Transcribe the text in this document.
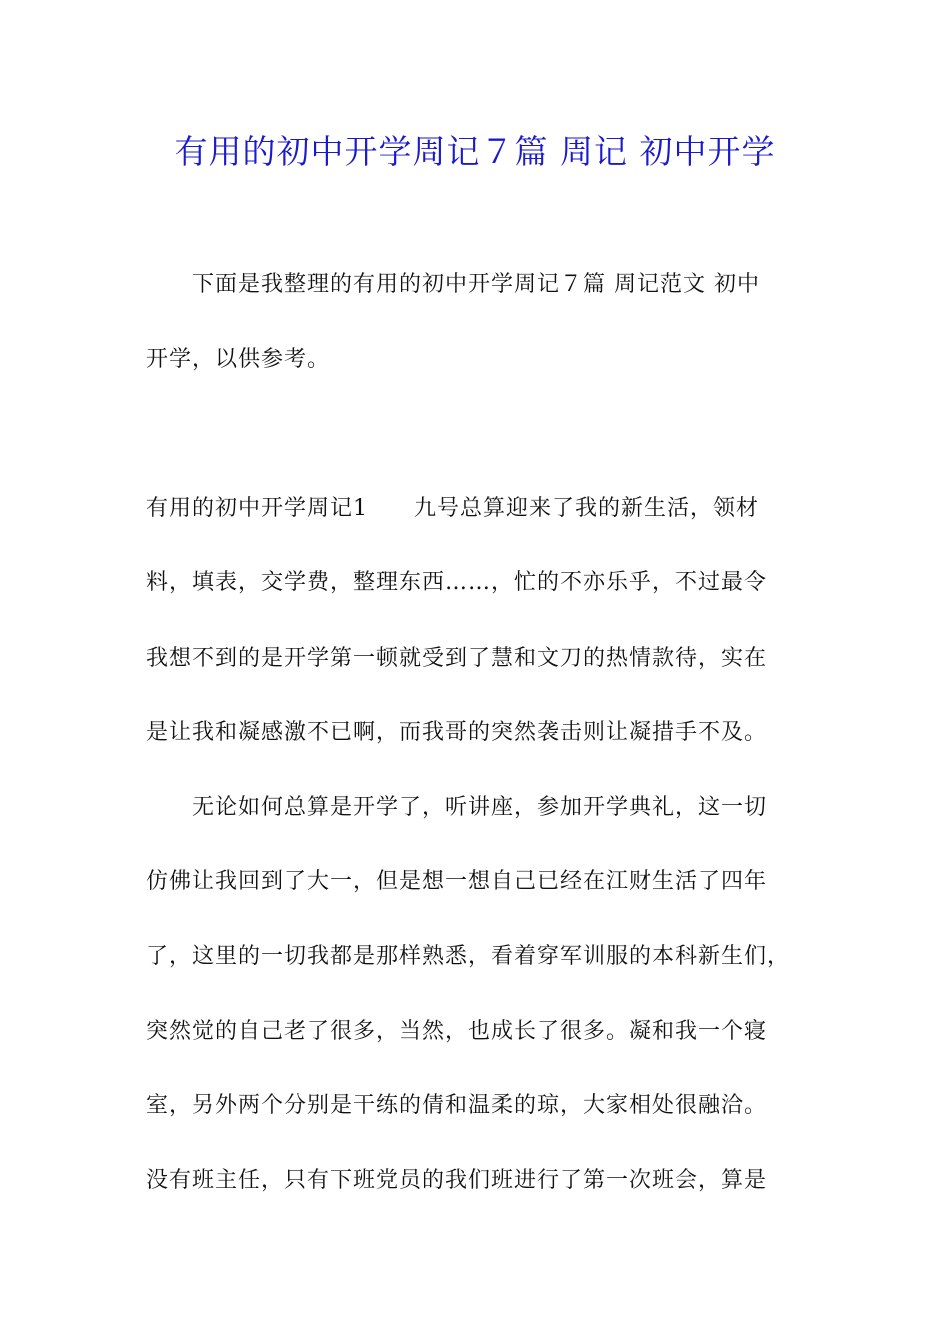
有用的初中开学周记７篇 周记 初中开学
下面是我整理的有用的初中开学周记７篇 周记范文 初中
开学，以供参考。
有用的初中开学周记1　　九号总算迎来了我的新生活，领材
料，填表，交学费，整理东西……，忙的不亦乐乎，不过最令
我想不到的是开学第一顿就受到了慧和文刀的热情款待，实在
是让我和凝感激不已啊，而我哥的突然袭击则让凝措手不及。
无论如何总算是开学了，听讲座，参加开学典礼，这一切
仿佛让我回到了大一，但是想一想自己已经在江财生活了四年
了，这里的一切我都是那样熟悉，看着穿军训服的本科新生们，
突然觉的自己老了很多，当然，也成长了很多。凝和我一个寝
室，另外两个分别是干练的倩和温柔的琼，大家相处很融洽。
没有班主任，只有下班党员的我们班进行了第一次班会，算是
